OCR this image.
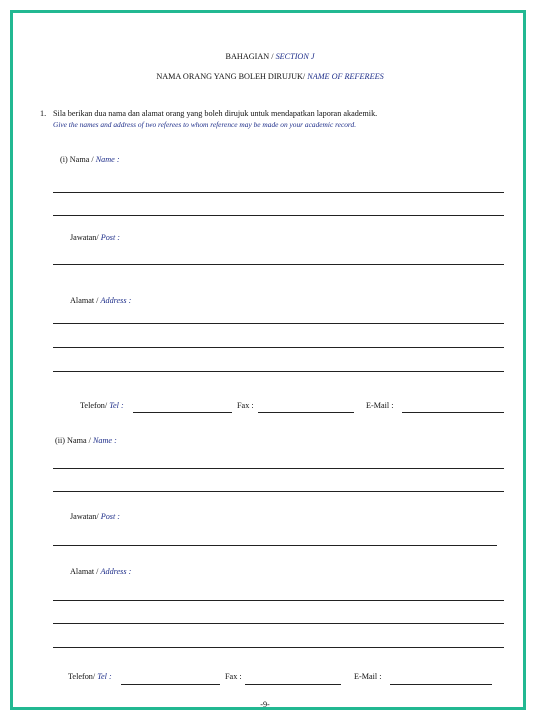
BAHAGIAN / SECTION J
NAMA ORANG YANG BOLEH DIRUJUK/ NAME OF REFEREES
1. Sila berikan dua nama dan alamat orang yang boleh dirujuk untuk mendapatkan laporan akademik.
Give the names and address of two referees to whom reference may be made on your academic record.
(i) Nama / Name :
Jawatan/ Post :
Alamat / Address :
Telefon/ Tel :	Fax :	E-Mail :
(ii) Nama / Name :
Jawatan/ Post :
Alamat / Address :
Telefon/ Tel :	Fax :	E-Mail :
-9-
